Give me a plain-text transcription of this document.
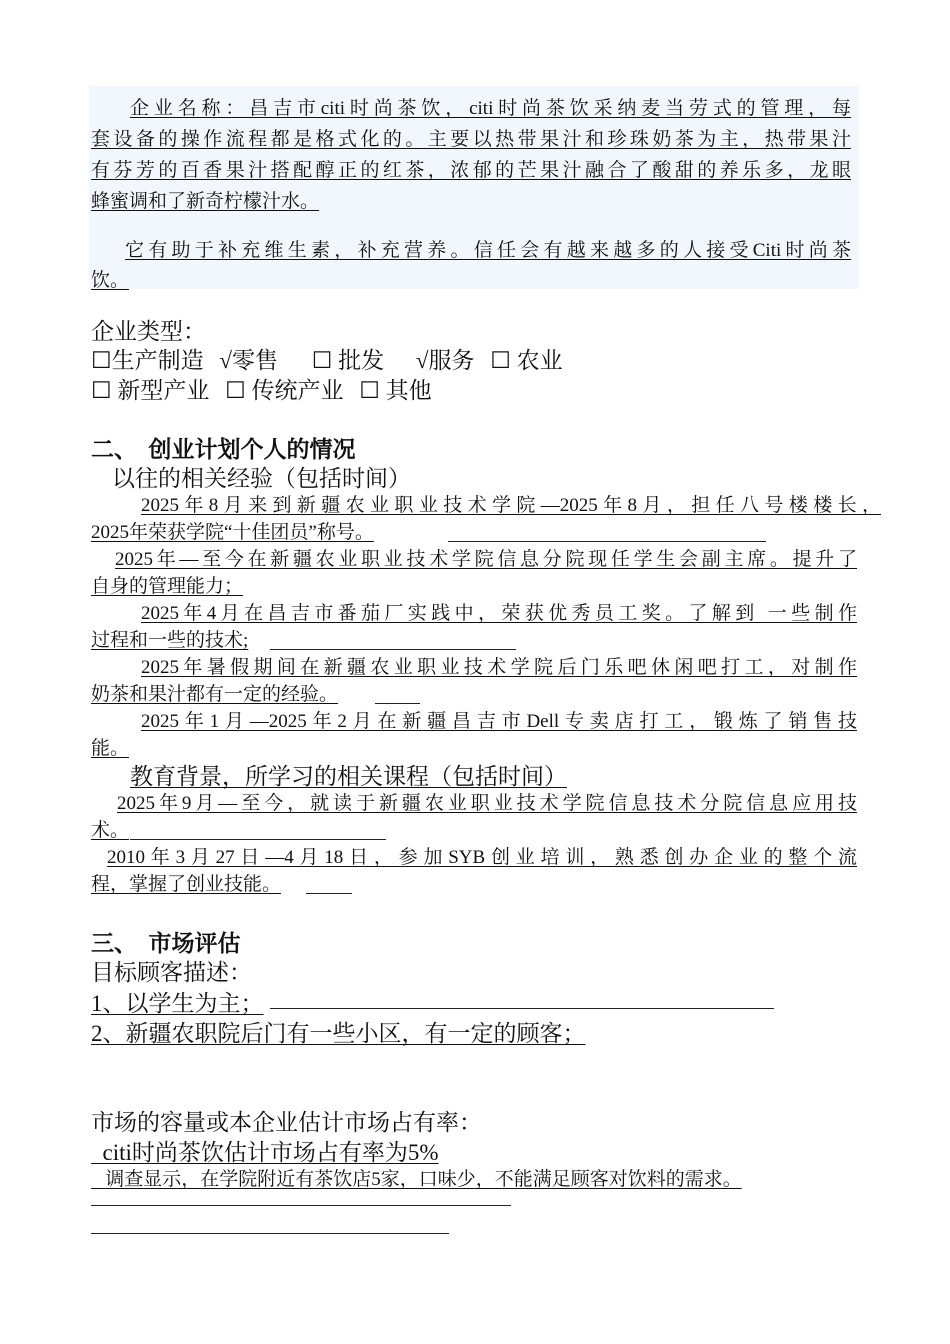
企业名称：昌吉市citi时尚茶饮，citi时尚茶饮采纳麦当劳式的管理，每
套设备的操作流程都是格式化的。主要以热带果汁和珍珠奶茶为主，热带果汁
有芬芳的百香果汁搭配醇正的红茶，浓郁的芒果汁融合了酸甜的养乐多，龙眼
蜂蜜调和了新奇柠檬汁水。
它有助于补充维生素，补充营养。信任会有越来越多的人接受Citi时尚茶
饮。
企业类型：
☐生产制造 √零售 ☐ 批发 √服务 ☐ 农业
☐ 新型产业 ☐ 传统产业 ☐ 其他
二、  创业计划个人的情况
以往的相关经验（包括时间）
2025年8月来到新疆农业职业技术学院—2025年8月，担任八号楼楼长，
2025年荣获学院“十佳团员”称号。
2025年—至今在新疆农业职业技术学院信息分院现任学生会副主席。提升了
自身的管理能力；
2025年4月在昌吉市番茄厂实践中，荣获优秀员工奖。了解到 一些制作
过程和一些的技术;
2025年暑假期间在新疆农业职业技术学院后门乐吧休闲吧打工，对制作
奶茶和果汁都有一定的经验。
2025年1月—2025年2月在新疆昌吉市Dell专卖店打工，锻炼了销售技
能。
教育背景，所学习的相关课程（包括时间）
2025年9月—至今，就读于新疆农业职业技术学院信息技术分院信息应用技
术。
2010年3月27日—4月18日，参加SYB创业培训，熟悉创办企业的整个流
程，掌握了创业技能。
三、  市场评估
目标顾客描述：
1、以学生为主；
2、新疆农职院后门有一些小区，有一定的顾客；
市场的容量或本企业估计市场占有率：
citi时尚茶饮估计市场占有率为5%
调查显示，在学院附近有茶饮店5家，口味少，不能满足顾客对饮料的需求。
